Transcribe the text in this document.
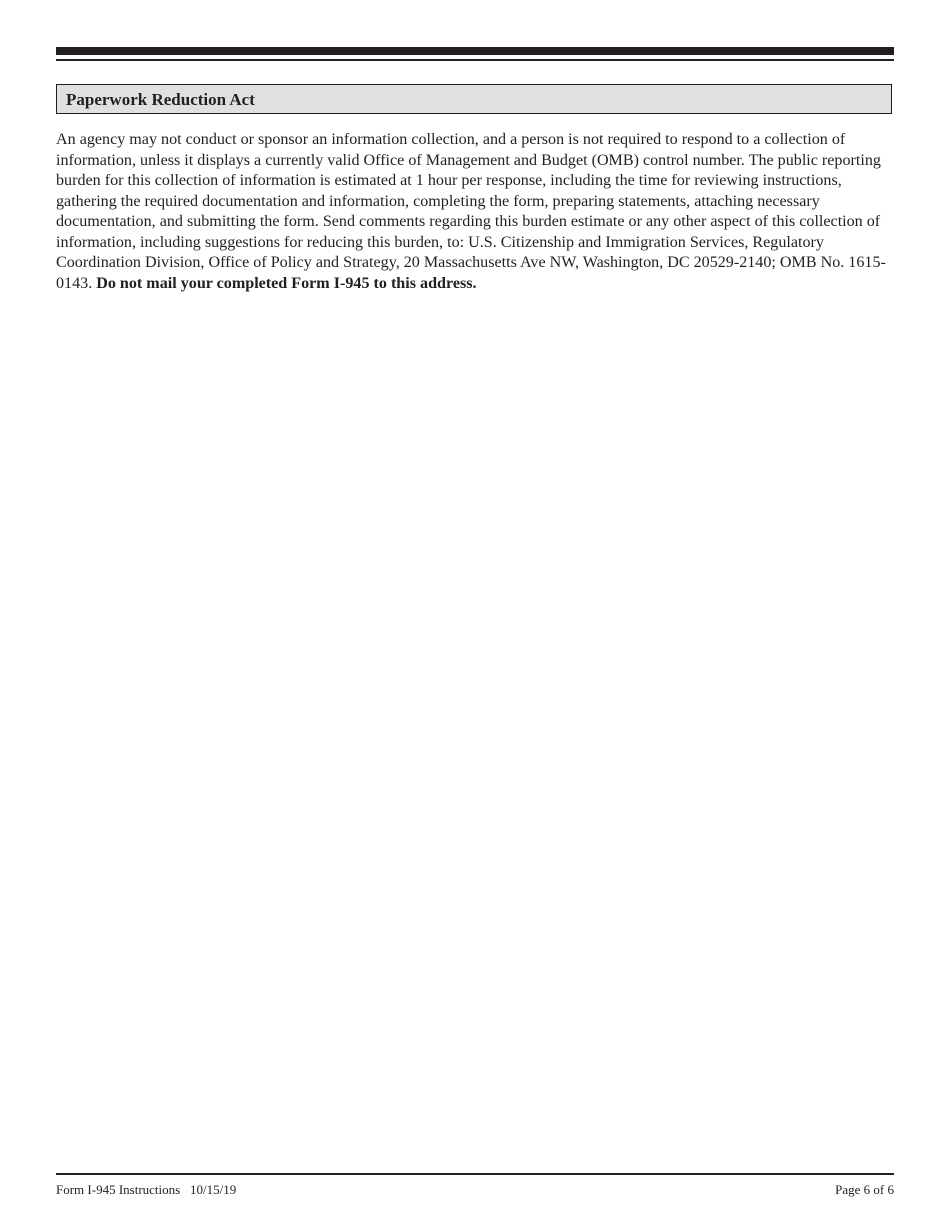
Paperwork Reduction Act

An agency may not conduct or sponsor an information collection, and a person is not required to respond to a collection of information, unless it displays a currently valid Office of Management and Budget (OMB) control number. The public reporting burden for this collection of information is estimated at 1 hour per response, including the time for reviewing instructions, gathering the required documentation and information, completing the form, preparing statements, attaching necessary documentation, and submitting the form. Send comments regarding this burden estimate or any other aspect of this collection of information, including suggestions for reducing this burden, to: U.S. Citizenship and Immigration Services, Regulatory Coordination Division, Office of Policy and Strategy, 20 Massachusetts Ave NW, Washington, DC 20529-2140; OMB No. 1615-0143. Do not mail your completed Form I-945 to this address.

Form I-945 Instructions 10/15/19	Page 6 of 6
